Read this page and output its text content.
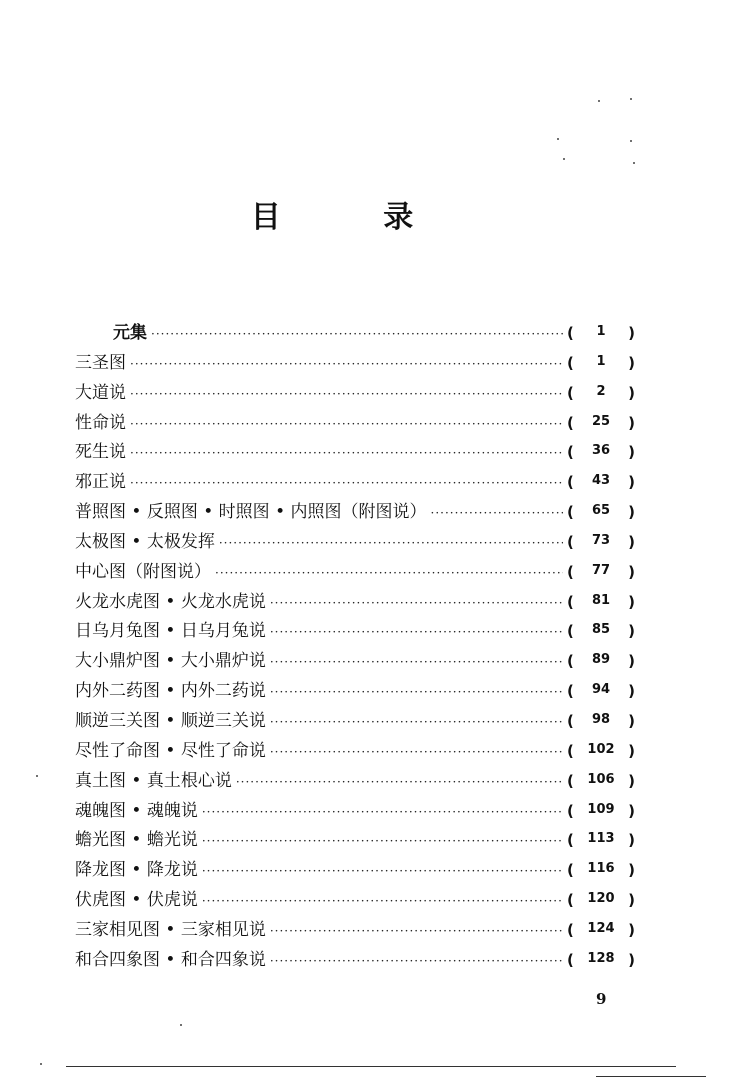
目 录
元集 ·····	(	1	)
三圣图 ·····	(	1	)
大道说 ·····	(	2	)
性命说 ·····	(	25	)
死生说 ·····	(	36	)
邪正说 ·····	(	43	)
普照图 • 反照图 • 时照图 • 内照图（附图说） ·····	(	65	)
太极图 • 太极发挥 ·····	(	73	)
中心图（附图说） ·····	(	77	)
火龙水虎图 • 火龙水虎说 ·····	(	81	)
日乌月兔图 • 日乌月兔说 ·····	(	85	)
大小鼎炉图 • 大小鼎炉说 ·····	(	89	)
内外二药图 • 内外二药说 ·····	(	94	)
顺逆三关图 • 顺逆三关说 ·····	(	98	)
尽性了命图 • 尽性了命说 ·····	(	102 )
真土图 • 真土根心说 ·····	(	106 )
魂魄图 • 魂魄说 ·····	(	109 )
蟾光图 • 蟾光说 ·····	(	113 )
降龙图 • 降龙说 ·····	(	116 )
伏虎图 • 伏虎说 ·····	(	120 )
三家相见图 • 三家相见说 ·····	(	124 )
和合四象图 • 和合四象说 ·····	(	128 )
9
